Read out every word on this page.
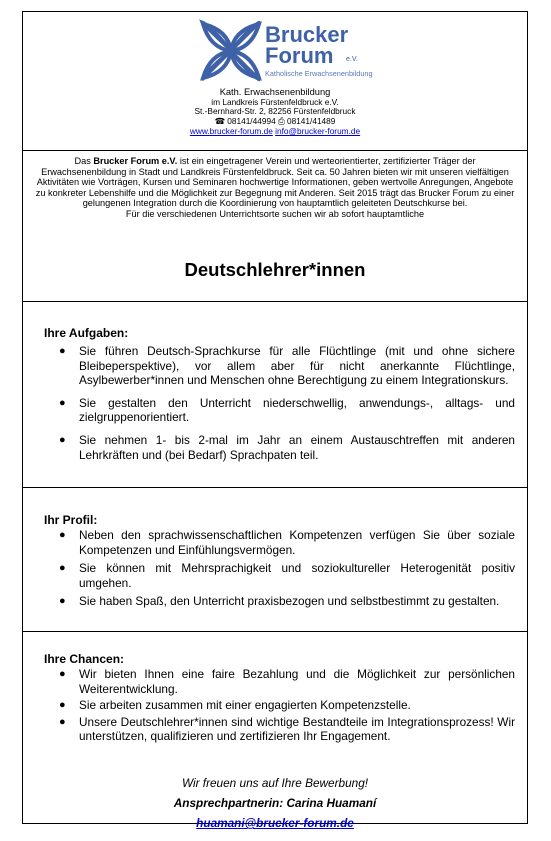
Brucker
Forum e.V.
Katholische Erwachsenenbildung
Kath. Erwachsenenbildung
im Landkreis Fürstenfeldbruck e.V.
St.-Bernhard-Str. 2, 82256 Fürstenfeldbruck
☎ 08141/44994 ⎙ 08141/41489
www.brucker-forum.de info@brucker-forum.de
Das Brucker Forum e.V. ist ein eingetragener Verein und werteorientierter, zertifizierter Träger der Erwachsenenbildung in Stadt und Landkreis Fürstenfeldbruck. Seit ca. 50 Jahren bieten wir mit unseren vielfältigen Aktivitäten wie Vorträgen, Kursen und Seminaren hochwertige Informationen, geben wertvolle Anregungen, Angebote zu konkreter Lebenshilfe und die Möglichkeit zur Begegnung mit Anderen. Seit 2015 trägt das Brucker Forum zu einer gelungenen Integration durch die Koordinierung von hauptamtlich geleiteten Deutschkurse bei.
Für die verschiedenen Unterrichtsorte suchen wir ab sofort hauptamtliche
Deutschlehrer*innen
Ihre Aufgaben:
● Sie führen Deutsch-Sprachkurse für alle Flüchtlinge (mit und ohne sichere Bleibeperspektive), vor allem aber für nicht anerkannte Flüchtlinge, Asylbewerber*innen und Menschen ohne Berechtigung zu einem Integrationskurs.
● Sie gestalten den Unterricht niederschwellig, anwendungs-, alltags- und zielgruppenorientiert.
● Sie nehmen 1- bis 2-mal im Jahr an einem Austauschtreffen mit anderen Lehrkräften und (bei Bedarf) Sprachpaten teil.
Ihr Profil:
● Neben den sprachwissenschaftlichen Kompetenzen verfügen Sie über soziale Kompetenzen und Einfühlungsvermögen.
● Sie können mit Mehrsprachigkeit und soziokultureller Heterogenität positiv umgehen.
● Sie haben Spaß, den Unterricht praxisbezogen und selbstbestimmt zu gestalten.
Ihre Chancen:
● Wir bieten Ihnen eine faire Bezahlung und die Möglichkeit zur persönlichen Weiterentwicklung.
● Sie arbeiten zusammen mit einer engagierten Kompetenzstelle.
● Unsere Deutschlehrer*innen sind wichtige Bestandteile im Integrationsprozess! Wir unterstützen, qualifizieren und zertifizieren Ihr Engagement.
Wir freuen uns auf Ihre Bewerbung!
Ansprechpartnerin: Carina Huamaní
huamani@brucker-forum.de
